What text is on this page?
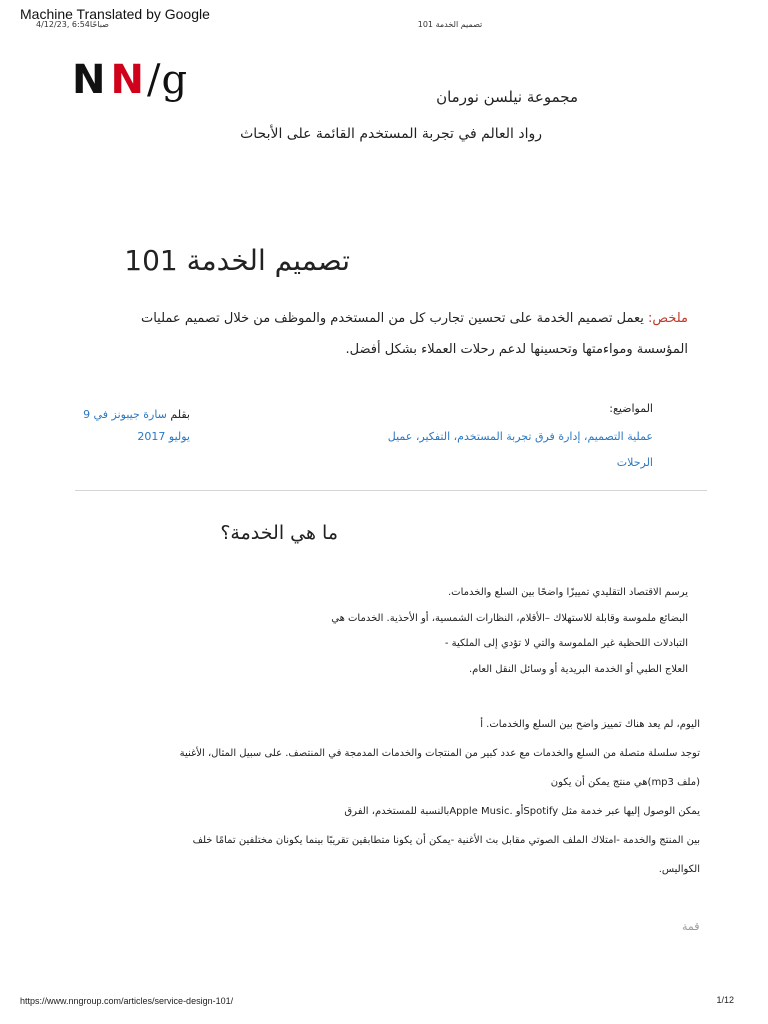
Machine Translated by Google
4/12/23, 6:54صباحًا	تصميم الخدمة 101
N N/g	مجموعة نيلسن نورمان
رواد العالم في تجربة المستخدم القائمة على الأبحاث
تصميم الخدمة 101
ملخص: يعمل تصميم الخدمة على تحسين تجارب كل من المستخدم والموظف من خلال تصميم عمليات
المؤسسة ومواءمتها وتحسينها لدعم رحلات العملاء بشكل أفضل.
المواضيع:
عملية التصميم، إدارة فرق تجربة المستخدم، التفكير، عميل
الرحلات
بقلم سارة جيبونز في 9
يوليو 2017
ما هي الخدمة؟
يرسم الاقتصاد التقليدي تمييزًا واضحًا بين السلع والخدمات.
البضائع ملموسة وقابلة للاستهلاك –الأقلام، النظارات الشمسية، أو الأحذية. الخدمات هي
التبادلات اللحظية غير الملموسة والتي لا تؤدي إلى الملكية -
العلاج الطبي أو الخدمة البريدية أو وسائل النقل العام.
اليوم، لم يعد هناك تمييز واضح بين السلع والخدمات. أ
توجد سلسلة متصلة من السلع والخدمات مع عدد كبير من المنتجات والخدمات المدمجة في المنتصف. على سبيل المثال، الأغنية
(ملف mp3)هي منتج يمكن أن يكون
يمكن الوصول إليها عبر خدمة مثل Spotifyأو .Apple Musicبالنسبة للمستخدم، الفرق
بين المنتج والخدمة -امتلاك الملف الصوتي مقابل بث الأغنية -يمكن أن يكونا متطابقين تقريبًا بينما يكونان مختلفين تمامًا خلف
الكواليس.
قمة
https://www.nngroup.com/articles/service-design-101/	1/12
